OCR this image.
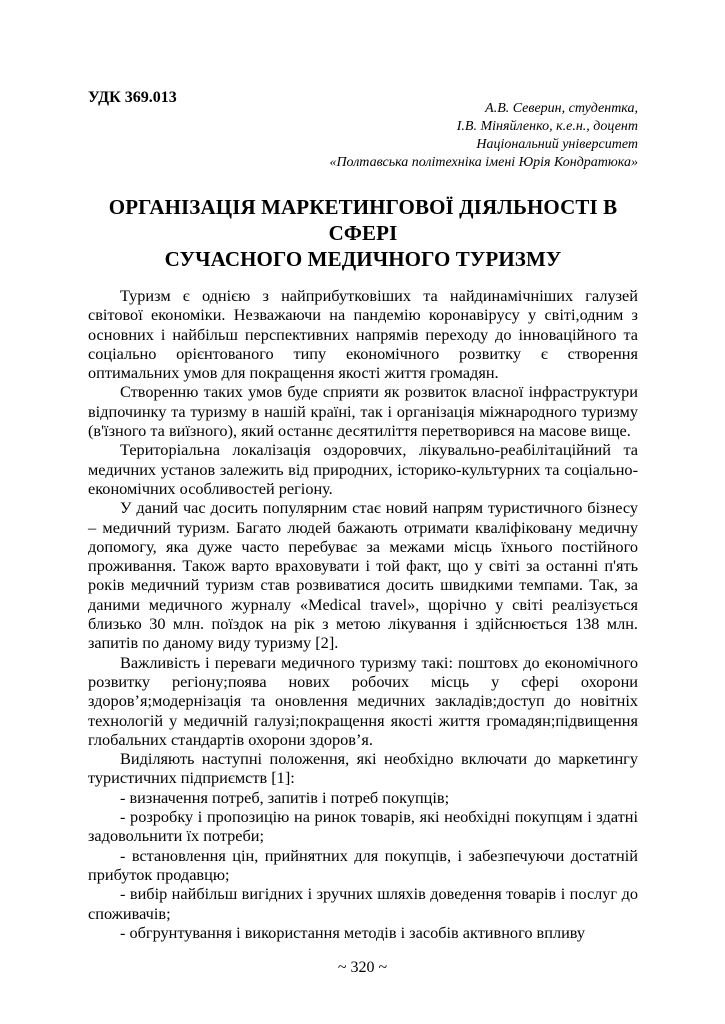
УДК 369.013

А.В. Северин, студентка,
І.В. Міняйленко, к.е.н., доцент
Національний університет
«Полтавська політехніка імені Юрія Кондратюка»
ОРГАНІЗАЦІЯ МАРКЕТИНГОВОЇ ДІЯЛЬНОСТІ В СФЕРІ
СУЧАСНОГО МЕДИЧНОГО ТУРИЗМУ

Туризм є однією з найприбутковіших та найдинамічніших галузей світової економіки. Незважаючи на пандемію коронавірусу у світі,одним з основних і найбільш перспективних напрямів переходу до інноваційного та соціально орієнтованого типу економічного розвитку є створення оптимальних умов для покращення якості життя громадян.

Створенню таких умов буде сприяти як розвиток власної інфраструктури відпочинку та туризму в нашій країні, так і організація міжнародного туризму (в'їзного та виїзного), який останнє десятиліття перетворився на масове вище.

Територіальна локалізація оздоровчих, лікувально-реабілітаційний та медичних установ залежить від природних, історико-культурних та соціально-економічних особливостей регіону.

У даний час досить популярним стає новий напрям туристичного бізнесу – медичний туризм. Багато людей бажають отримати кваліфіковану медичну допомогу, яка дуже часто перебуває за межами місць їхнього постійного проживання. Також варто враховувати і той факт, що у світі за останні п'ять років медичний туризм став розвиватися досить швидкими темпами. Так, за даними медичного журналу «Medical travel», щорічно у світі реалізується близько 30 млн. поїздок на рік з метою лікування і здійснюється 138 млн. запитів по даному виду туризму [2].

Важливість і переваги медичного туризму такі: поштовх до економічного розвитку регіону;поява нових робочих місць у сфері охорони здоров’я;модернізація та оновлення медичних закладів;доступ до новітніх технологій у медичній галузі;покращення якості життя громадян;підвищення глобальних стандартів охорони здоров’я.

Виділяють наступні положення, які необхідно включати до маркетингу туристичних підприємств [1]:

- визначення потреб, запитів і потреб покупців;

- розробку і пропозицію на ринок товарів, які необхідні покупцям і здатні задовольнити їх потреби;

- встановлення цін, прийнятних для покупців, і забезпечуючи достатній прибуток продавцю;

- вибір найбільш вигідних і зручних шляхів доведення товарів і послуг до споживачів;

- обгрунтування і використання методів і засобів активного впливу

~ 320 ~
